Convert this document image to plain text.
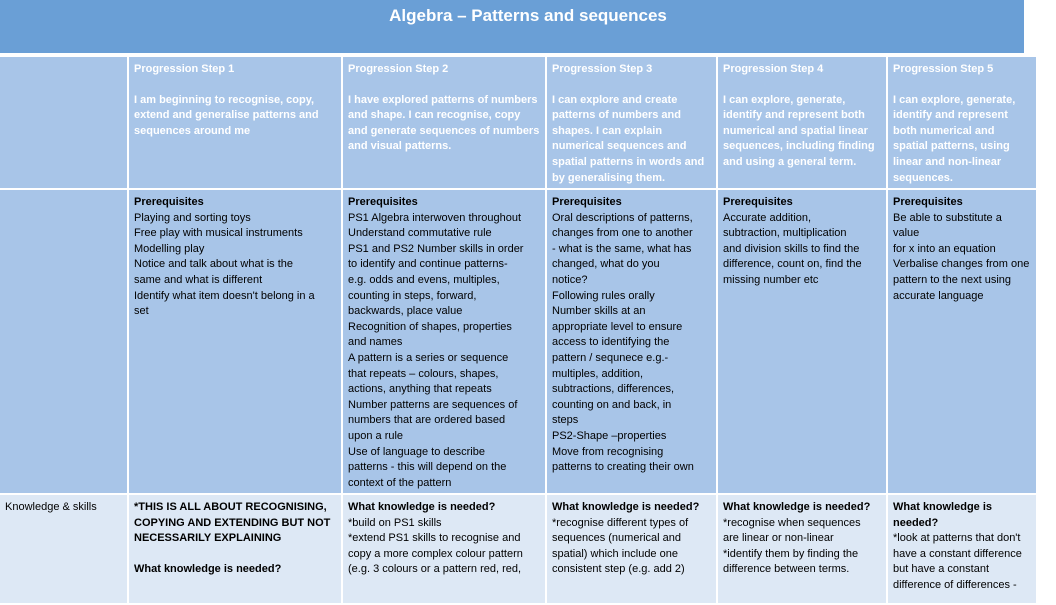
Algebra – Patterns and sequences
Progression Step 1
I am beginning to recognise, copy, extend and generalise patterns and sequences around me
Progression Step 2
I have explored patterns of numbers and shape. I can recognise, copy and generate sequences of numbers and visual patterns.
Progression Step 3
I can explore and create patterns of numbers and shapes. I can explain numerical sequences and spatial patterns in words and by generalising them.
Progression Step 4
I can explore, generate, identify and represent both numerical and spatial linear sequences, including finding and using a general term.
Progression Step 5
I can explore, generate, identify and represent both numerical and spatial patterns, using linear and non-linear sequences.
Prerequisites
Playing and sorting toys
Free play with musical instruments
Modelling play
Notice and talk about what is the
same and what is different
Identify what item doesn't belong in a
set
Prerequisites
PS1 Algebra interwoven throughout
Understand commutative rule
PS1 and PS2 Number skills in order
to identify and continue patterns-
e.g. odds and evens, multiples,
counting in steps, forward,
backwards, place value
Recognition of shapes, properties
and names
A pattern is a series or sequence
that repeats – colours, shapes,
actions, anything that repeats
Number patterns are sequences of
numbers that are ordered based
upon a rule
Use of language to describe
patterns - this will depend on the
context of the pattern
Prerequisites
Oral descriptions of patterns,
changes from one to another
- what is the same, what has
changed, what do you
notice?
Following rules orally
Number skills at an
appropriate level to ensure
access to identifying the
pattern / sequnece e.g.-
multiples, addition,
subtractions, differences,
counting on and back, in
steps
PS2-Shape –properties
Move from recognising
patterns to creating their own
Prerequisites
Accurate addition,
subtraction, multiplication
and division skills to find the
difference, count on, find the
missing number etc
Prerequisites
Be able to substitute a value
for x into an equation
Verbalise changes from one
pattern to the next using
accurate language
Knowledge & skills	*THIS IS ALL ABOUT RECOGNISING,
COPYING AND EXTENDING BUT NOT
NECESSARILY EXPLAINING
What knowledge is needed?
What knowledge is needed?
*build on PS1 skills
*extend PS1 skills to recognise and
copy a more complex colour pattern
(e.g. 3 colours or a pattern red, red,
What knowledge is needed?
*recognise different types of
sequences (numerical and
spatial) which include one
consistent step (e.g. add 2)
What knowledge is needed?
*recognise when sequences
are linear or non-linear
*identify them by finding the
difference between terms.
What knowledge is needed?
*look at patterns that don't
have a constant difference
but have a constant
difference of differences -
